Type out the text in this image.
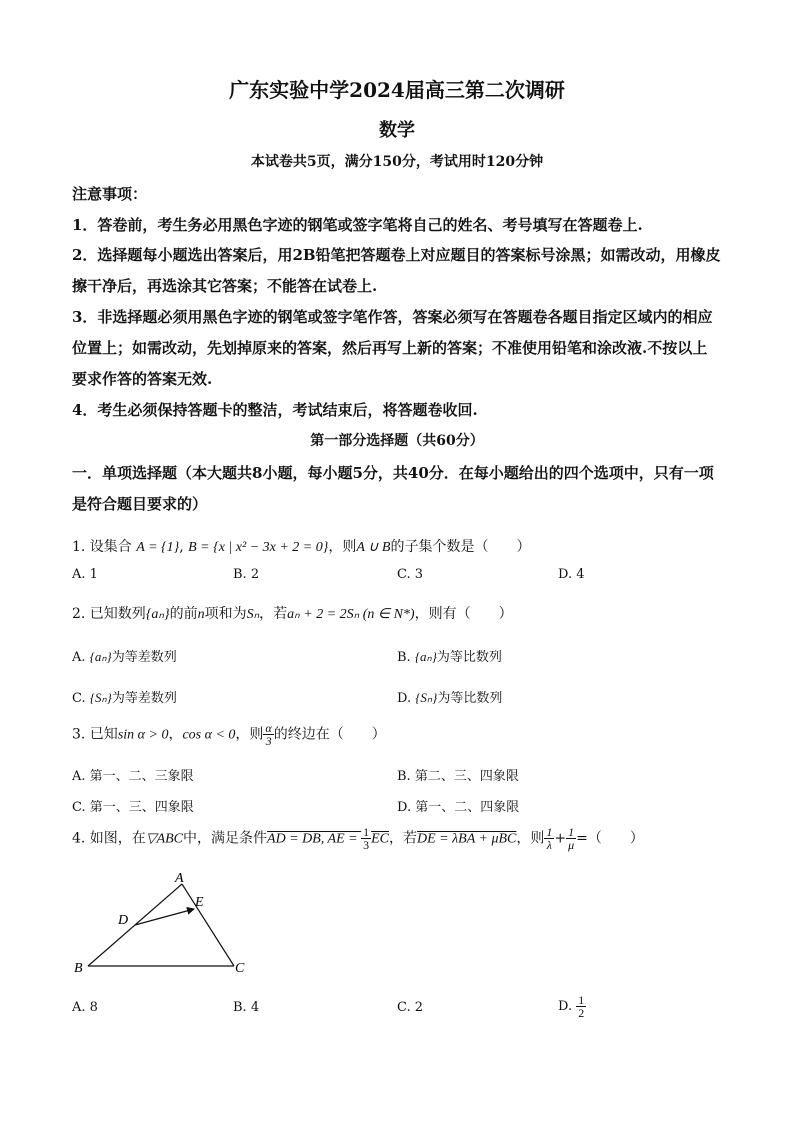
广东实验中学2024届高三第二次调研
数学
本试卷共5页，满分150分，考试用时120分钟
注意事项：
1．答卷前，考生务必用黑色字迹的钢笔或签字笔将自己的姓名、考号填写在答题卷上.
2．选择题每小题选出答案后，用2B铅笔把答题卷上对应题目的答案标号涂黑；如需改动，用橡皮擦干净后，再选涂其它答案；不能答在试卷上.
3．非选择题必须用黑色字迹的钢笔或签字笔作答，答案必须写在答题卷各题目指定区域内的相应位置上；如需改动，先划掉原来的答案，然后再写上新的答案；不准使用铅笔和涂改液.不按以上要求作答的答案无效.
4．考生必须保持答题卡的整洁，考试结束后，将答题卷收回.
第一部分选择题（共60分）
一．单项选择题（本大题共8小题，每小题5分，共40分．在每小题给出的四个选项中，只有一项是符合题目要求的）
1. 设集合 A = {1}, B = {x | x² − 3x + 2 = 0}，则A ∪ B的子集个数是（　　）
A. 1	B. 2	C. 3	D. 4
2. 已知数列{aₙ}的前n项和为Sₙ，若aₙ + 2 = 2Sₙ (n ∈ N*)，则有（　　）
A. {aₙ}为等差数列	B. {aₙ}为等比数列
C. {Sₙ}为等差数列	D. {Sₙ}为等比数列
3. 已知sin α > 0，cos α < 0，则 $\frac{\alpha}{3}$ 的终边在（　　）
A. 第一、二、三象限	B. 第二、三、四象限
C. 第一、三、四象限	D. 第一、二、四象限
4. 如图，在▽ABC中，满足条件AD = DB, AE = $\frac{1}{3} \overline{EC}$，若DE = λBA + μBC，则 $\frac{1}{\lambda} + \frac{1}{\mu}$ =（　　）
A
B	C
D
E
A. 8	B. 4	C. 2	D. $\frac{1}{2}$
